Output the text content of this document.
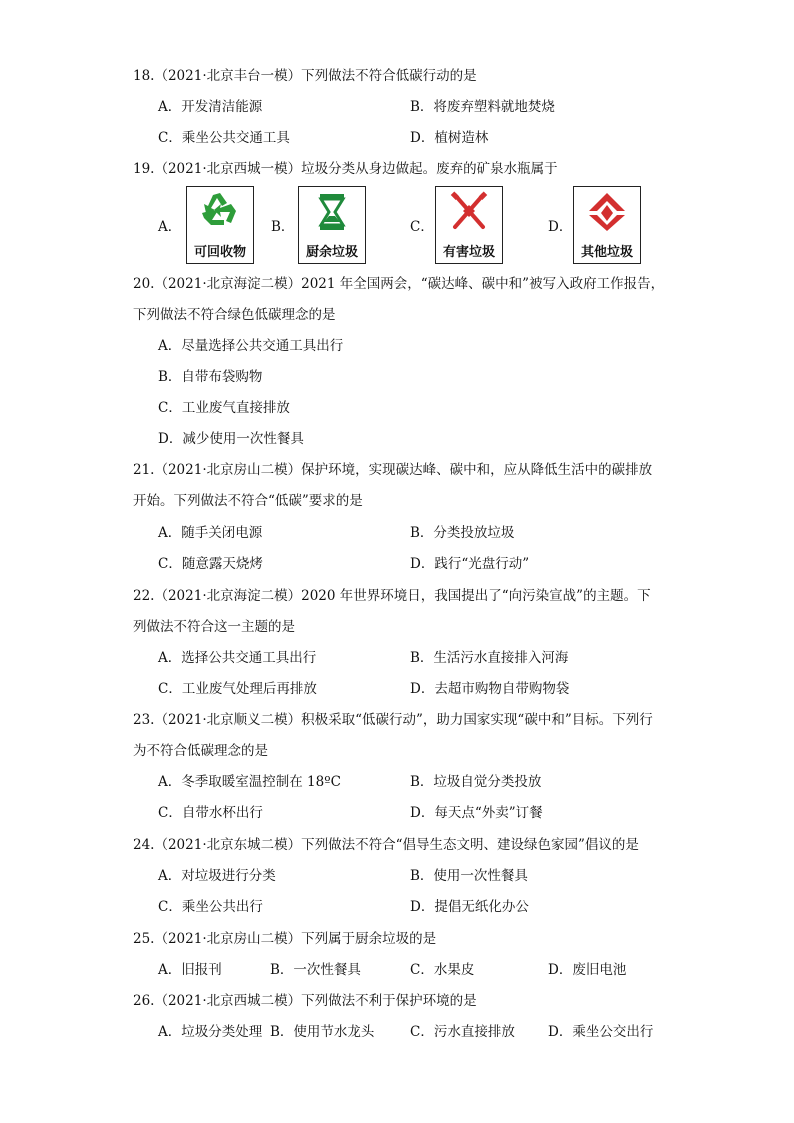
18.（2021·北京丰台一模）下列做法不符合低碳行动的是
A．开发清洁能源	B．将废弃塑料就地焚烧
C．乘坐公共交通工具	D．植树造林
19.（2021·北京西城一模）垃圾分类从身边做起。废弃的矿泉水瓶属于
A．
可回收物
B．
厨余垃圾
C．
有害垃圾
D．
其他垃圾
20.（2021·北京海淀二模）2021 年全国两会，“碳达峰、碳中和”被写入政府工作报告，
下列做法不符合绿色低碳理念的是
A．尽量选择公共交通工具出行
B．自带布袋购物
C．工业废气直接排放
D．减少使用一次性餐具
21.（2021·北京房山二模）保护环境，实现碳达峰、碳中和，应从降低生活中的碳排放
开始。下列做法不符合“低碳”要求的是
A．随手关闭电源	B．分类投放垃圾
C．随意露天烧烤	D．践行“光盘行动”
22.（2021·北京海淀二模）2020 年世界环境日，我国提出了“向污染宣战”的主题。下
列做法不符合这一主题的是
A．选择公共交通工具出行	B．生活污水直接排入河海
C．工业废气处理后再排放	D．去超市购物自带购物袋
23.（2021·北京顺义二模）积极采取“低碳行动”，助力国家实现“碳中和”目标。下列行
为不符合低碳理念的是
A．冬季取暖室温控制在 18ºC	B．垃圾自觉分类投放
C．自带水杯出行	D．每天点“外卖”订餐
24.（2021·北京东城二模）下列做法不符合“倡导生态文明、建设绿色家园”倡议的是
A．对垃圾进行分类	B．使用一次性餐具
C．乘坐公共出行	D．提倡无纸化办公
25.（2021·北京房山二模）下列属于厨余垃圾的是
A．旧报刊	B．一次性餐具	C．水果皮	D．废旧电池
26.（2021·北京西城二模）下列做法不利于保护环境的是
A．垃圾分类处理 B．使用节水龙头	C．污水直接排放 D．乘坐公交出行
